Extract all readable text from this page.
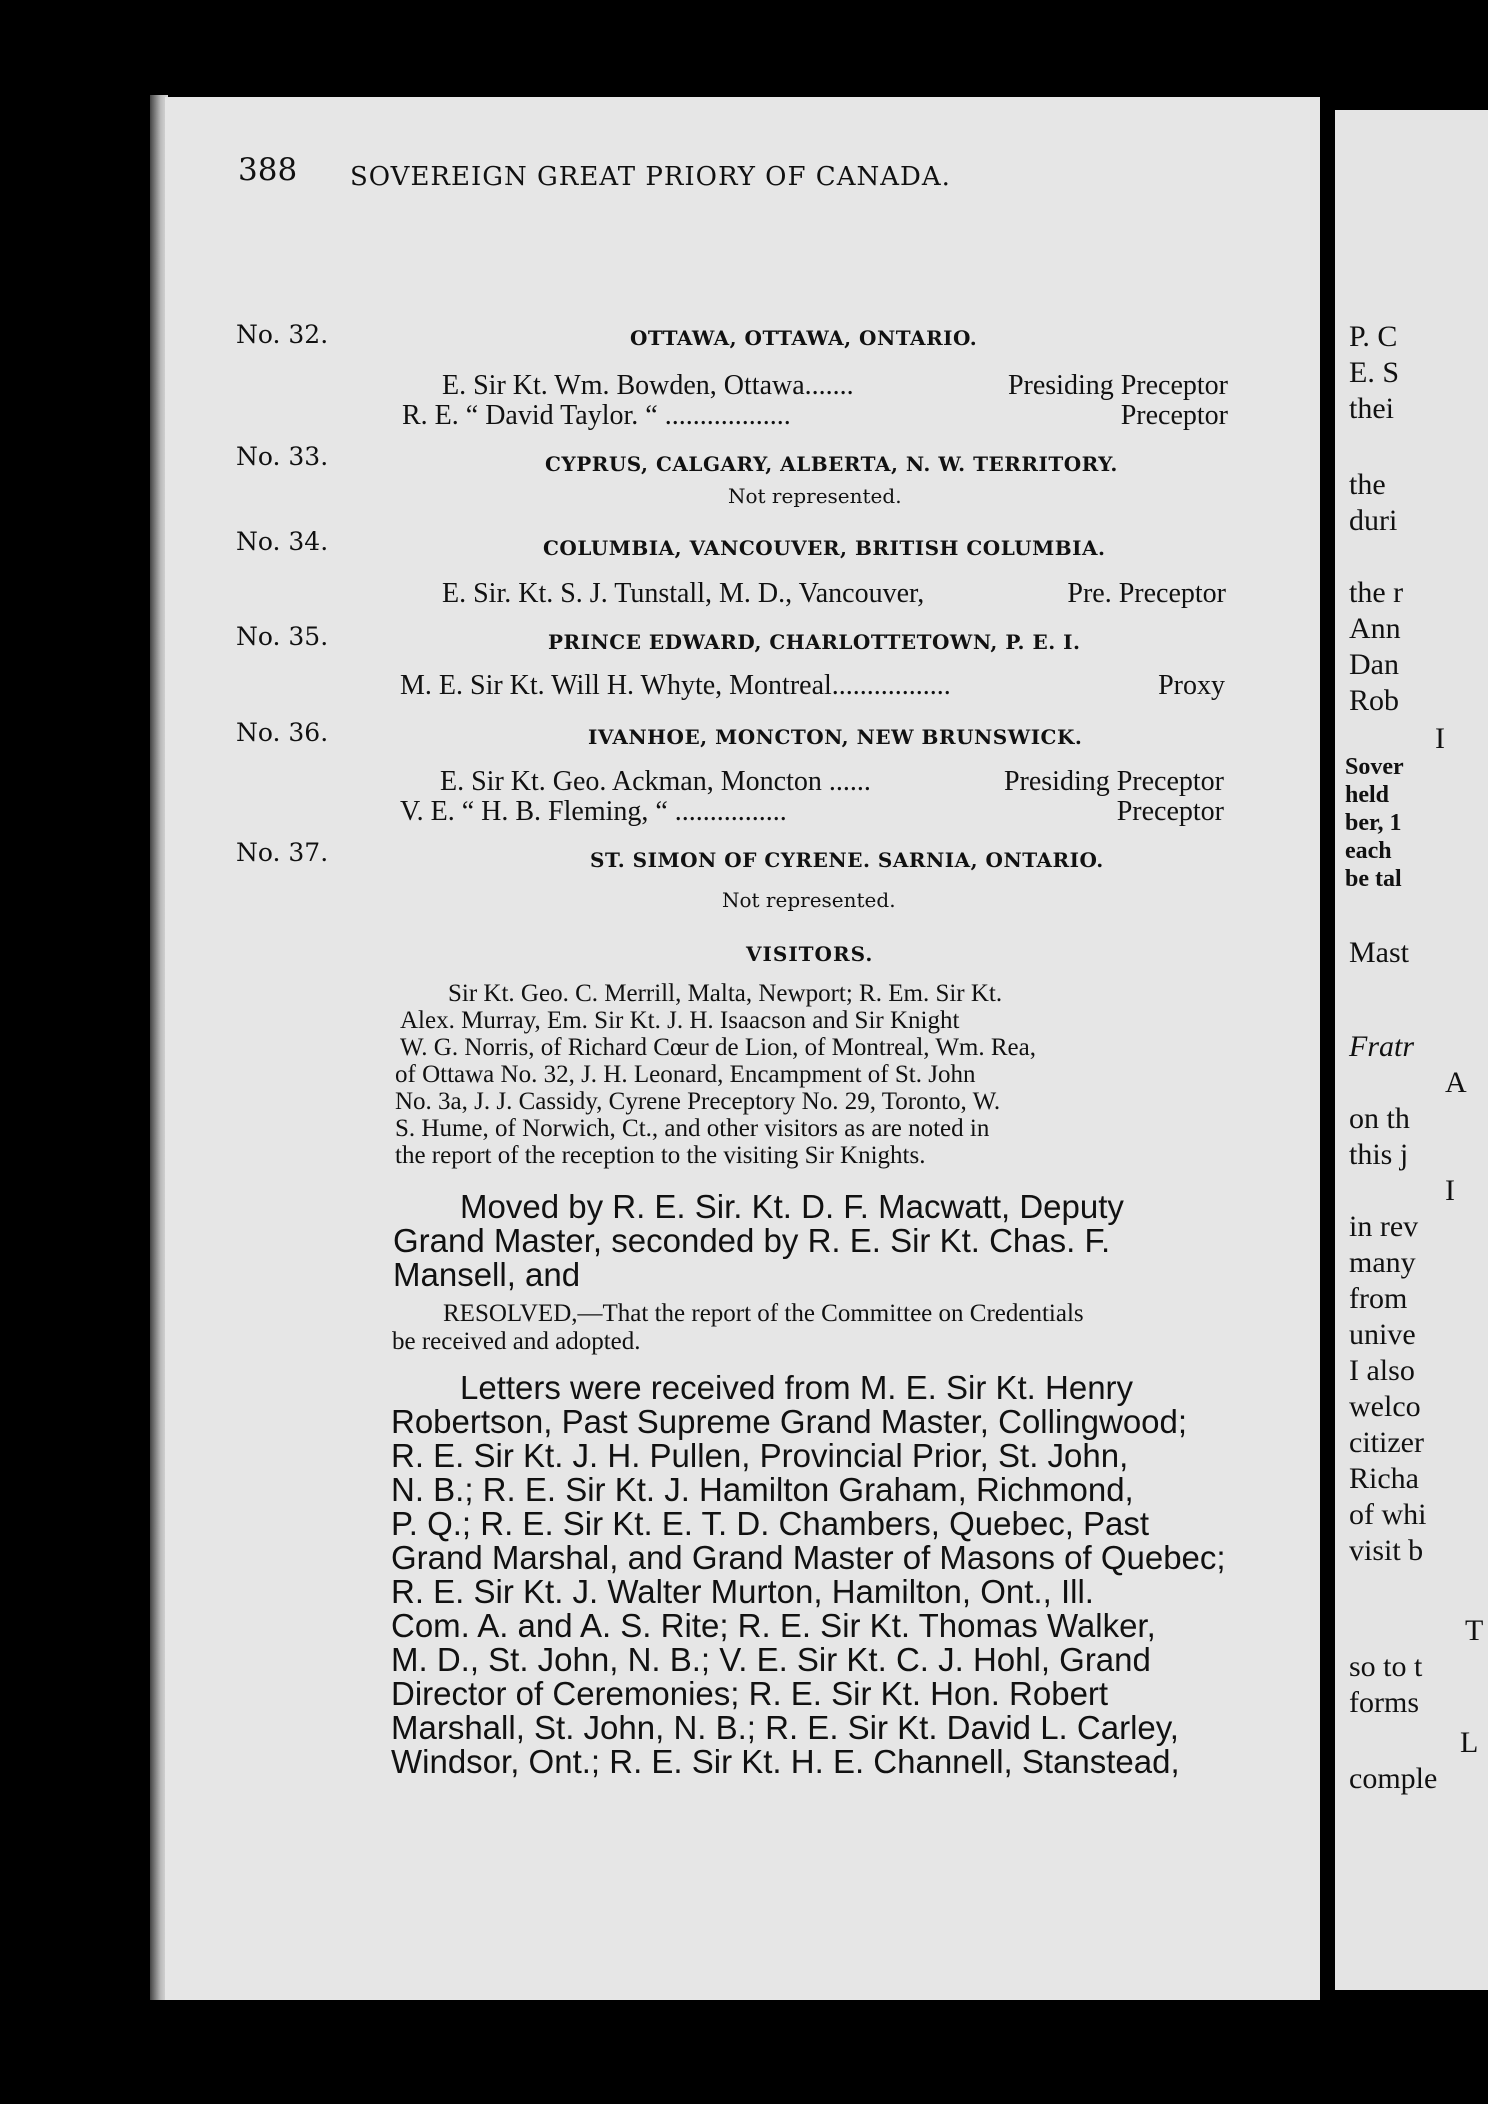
388 SOVEREIGN GREAT PRIORY OF CANADA.
No. 32.	OTTAWA, OTTAWA, ONTARIO.
E. Sir Kt. Wm. Bowden, Ottawa.......	Presiding Preceptor
R. E. “ David Taylor. “ ..................	Preceptor
No. 33.	CYPRUS, CALGARY, ALBERTA, N. W. TERRITORY.
Not represented.
No. 34.	COLUMBIA, VANCOUVER, BRITISH COLUMBIA.
E. Sir. Kt. S. J. Tunstall, M. D., Vancouver,	Pre. Preceptor
No. 35.	PRINCE EDWARD, CHARLOTTETOWN, P. E. I.
M. E. Sir Kt. Will H. Whyte, Montreal.................	Proxy
No. 36.	IVANHOE, MONCTON, NEW BRUNSWICK.
E. Sir Kt. Geo. Ackman, Moncton ......	Presiding Preceptor
V. E. “ H. B. Fleming, “ ................	Preceptor
No. 37.	ST. SIMON OF CYRENE. SARNIA, ONTARIO.
Not represented.
VISITORS.
Sir Kt. Geo. C. Merrill, Malta, Newport; R. Em. Sir Kt.
Alex. Murray, Em. Sir Kt. J. H. Isaacson and Sir Knight
W. G. Norris, of Richard Cœur de Lion, of Montreal, Wm. Rea,
of Ottawa No. 32, J. H. Leonard, Encampment of St. John
No. 3a, J. J. Cassidy, Cyrene Preceptory No. 29, Toronto, W.
S. Hume, of Norwich, Ct., and other visitors as are noted in
the report of the reception to the visiting Sir Knights.
Moved by R. E. Sir. Kt. D. F. Macwatt, Deputy
Grand Master, seconded by R. E. Sir Kt. Chas. F.
Mansell, and
RESOLVED,—That the report of the Committee on Credentials
be received and adopted.
Letters were received from M. E. Sir Kt. Henry
Robertson, Past Supreme Grand Master, Collingwood;
R. E. Sir Kt. J. H. Pullen, Provincial Prior, St. John,
N. B.; R. E. Sir Kt. J. Hamilton Graham, Richmond,
P. Q.; R. E. Sir Kt. E. T. D. Chambers, Quebec, Past
Grand Marshal, and Grand Master of Masons of Quebec;
R. E. Sir Kt. J. Walter Murton, Hamilton, Ont., Ill.
Com. A. and A. S. Rite; R. E. Sir Kt. Thomas Walker,
M. D., St. John, N. B.; V. E. Sir Kt. C. J. Hohl, Grand
Director of Ceremonies; R. E. Sir Kt. Hon. Robert
Marshall, St. John, N. B.; R. E. Sir Kt. David L. Carley,
Windsor, Ont.; R. E. Sir Kt. H. E. Channell, Stanstead,
P. C
E. S
thei
the
duri
the r
Ann
Dan
Rob
I
Sover
held
ber, 1
each
be tal
Mast
Fratr
A
on th
this j
I
in rev
many
from
unive
I also
welco
citizer
Richa
of whi
visit b
T
so to t
forms
L
comple
